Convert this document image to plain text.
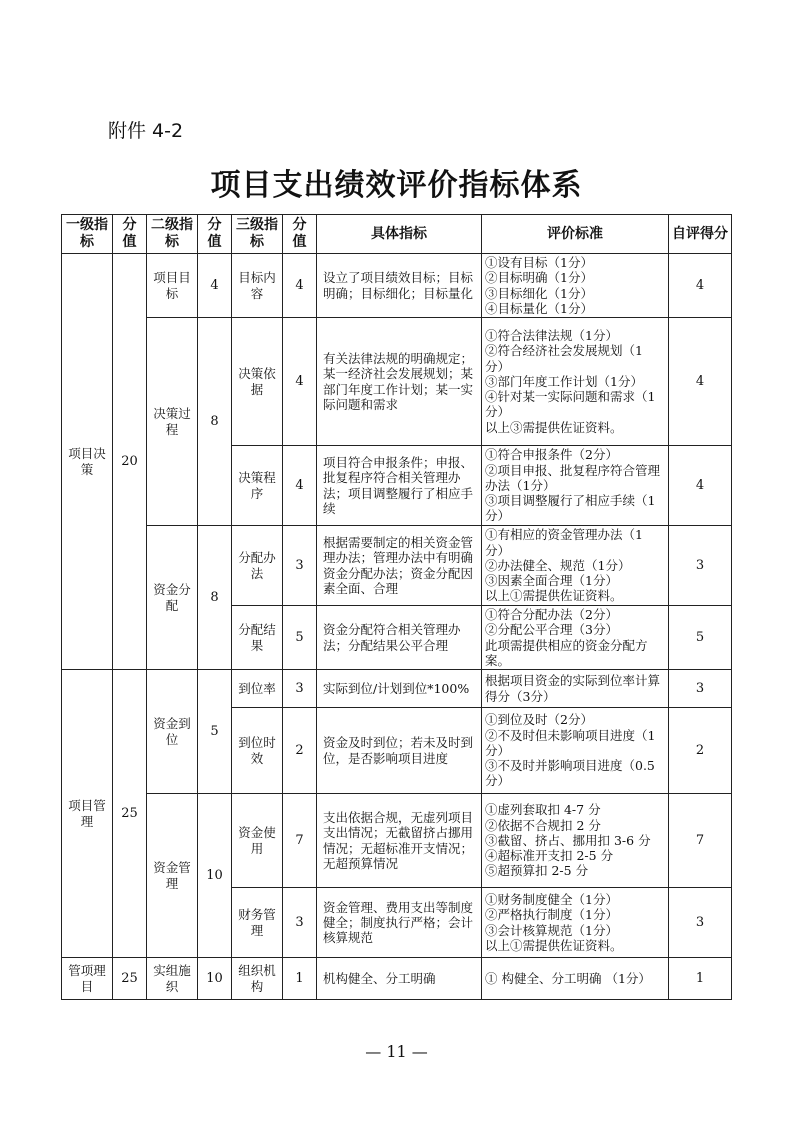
附件 4-2
项目支出绩效评价指标体系
一级指标	分值	二级指标	分值	三级指标	分值	具体指标	评价标准	自评得分
项目决策	20	项目目标	4	目标内容	4	设立了项目绩效目标；目标明确；目标细化；目标量化	①设有目标（1分）
②目标明确（1分）
③目标细化（1分）
④目标量化（1分）	4
		决策过程	8	决策依据	4	有关法律法规的明确规定；某一经济社会发展规划；某部门年度工作计划；某一实际问题和需求	①符合法律法规（1分）
②符合经济社会发展规划（1分）
③部门年度工作计划（1分）
④针对某一实际问题和需求（1分）
以上③需提供佐证资料。	4
				决策程序	4	项目符合申报条件；申报、批复程序符合相关管理办法；项目调整履行了相应手续	①符合申报条件（2分）
②项目申报、批复程序符合管理办法（1分）
③项目调整履行了相应手续（1分）	4
		资金分配	8	分配办法	3	根据需要制定的相关资金管理办法；管理办法中有明确资金分配办法；资金分配因素全面、合理	①有相应的资金管理办法（1分）
②办法健全、规范（1分）
③因素全面合理（1分）
以上①需提供佐证资料。	3
				分配结果	5	资金分配符合相关管理办法；分配结果公平合理	①符合分配办法（2分）
②分配公平合理（3分）
此项需提供相应的资金分配方案。	5
项目管理	25	资金到位	5	到位率	3	实际到位/计划到位*100%	根据项目资金的实际到位率计算得分（3分）	3
				到位时效	2	资金及时到位；若未及时到位，是否影响项目进度	①到位及时（2分）
②不及时但未影响项目进度（1分）
③不及时并影响项目进度（0.5分）	2
		资金管理	10	资金使用	7	支出依据合规，无虚列项目支出情况；无截留挤占挪用情况；无超标准开支情况；无超预算情况	①虚列套取扣 4-7 分
②依据不合规扣 2 分
③截留、挤占、挪用扣 3-6 分
④超标准开支扣 2-5 分
⑤超预算扣 2-5 分	7
				财务管理	3	资金管理、费用支出等制度健全；制度执行严格；会计核算规范	①财务制度健全（1分）
②严格执行制度（1分）
③会计核算规范（1分）
以上①需提供佐证资料。	3
管项理目	25	实组施织	10	组织机构	1	机构健全、分工明确	① 构健全、分工明确 （1分）	1
— 11 —
